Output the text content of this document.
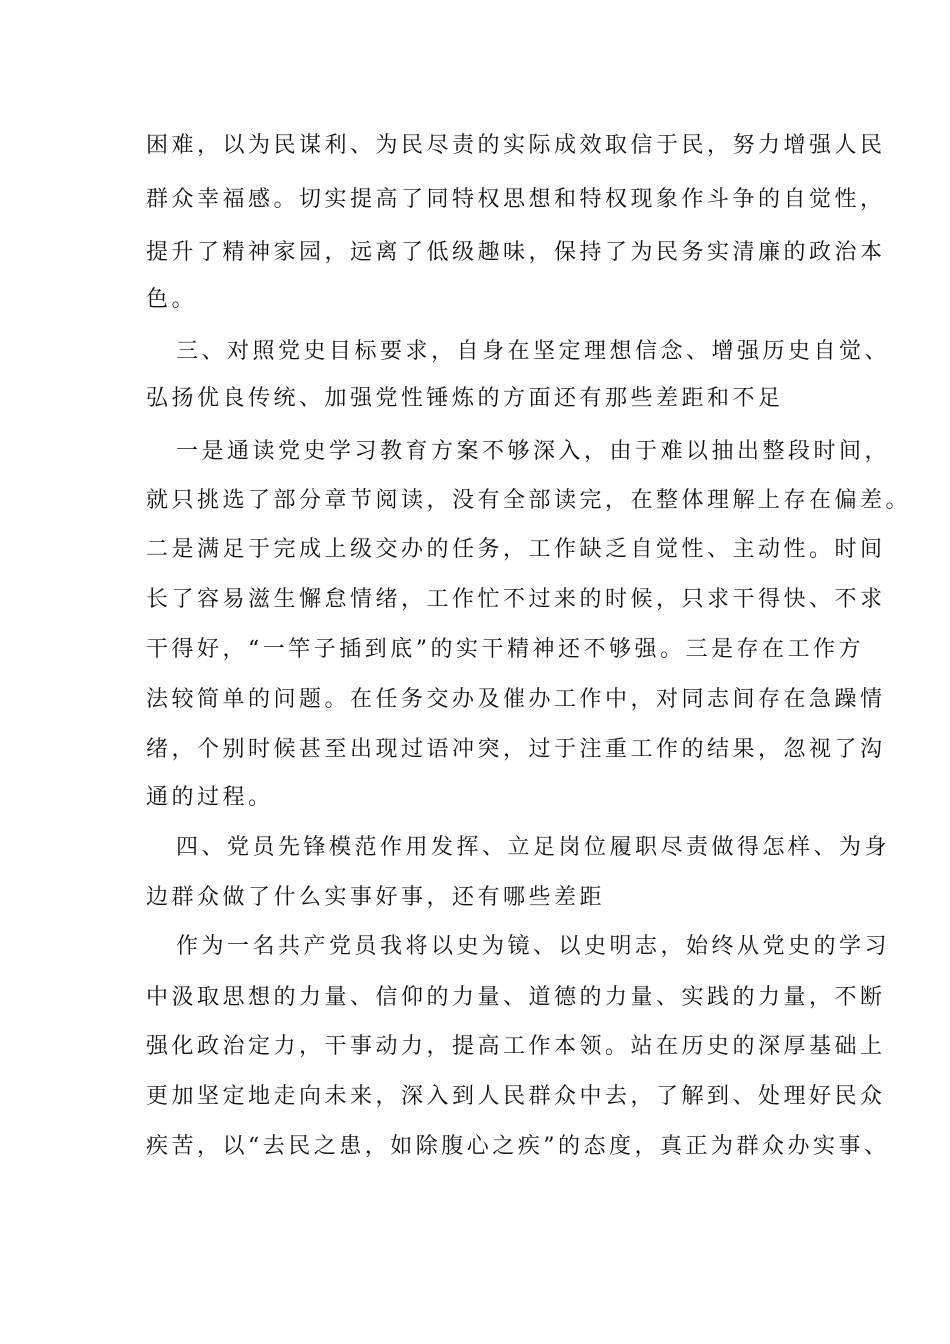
困难，以为民谋利、为民尽责的实际成效取信于民，努力增强人民
群众幸福感。切实提高了同特权思想和特权现象作斗争的自觉性，
提升了精神家园，远离了低级趣味，保持了为民务实清廉的政治本
色。
三、对照党史目标要求，自身在坚定理想信念、增强历史自觉、
弘扬优良传统、加强党性锤炼的方面还有那些差距和不足
一是通读党史学习教育方案不够深入，由于难以抽出整段时间，
就只挑选了部分章节阅读，没有全部读完，在整体理解上存在偏差。
二是满足于完成上级交办的任务，工作缺乏自觉性、主动性。时间
长了容易滋生懈怠情绪，工作忙不过来的时候，只求干得快、不求
干得好，“一竿子插到底”的实干精神还不够强。三是存在工作方
法较简单的问题。在任务交办及催办工作中，对同志间存在急躁情
绪，个别时候甚至出现过语冲突，过于注重工作的结果，忽视了沟
通的过程。
四、党员先锋模范作用发挥、立足岗位履职尽责做得怎样、为身
边群众做了什么实事好事，还有哪些差距
作为一名共产党员我将以史为镜、以史明志，始终从党史的学习
中汲取思想的力量、信仰的力量、道德的力量、实践的力量，不断
强化政治定力，干事动力，提高工作本领。站在历史的深厚基础上
更加坚定地走向未来，深入到人民群众中去，了解到、处理好民众
疾苦，以“去民之患，如除腹心之疾”的态度，真正为群众办实事、
